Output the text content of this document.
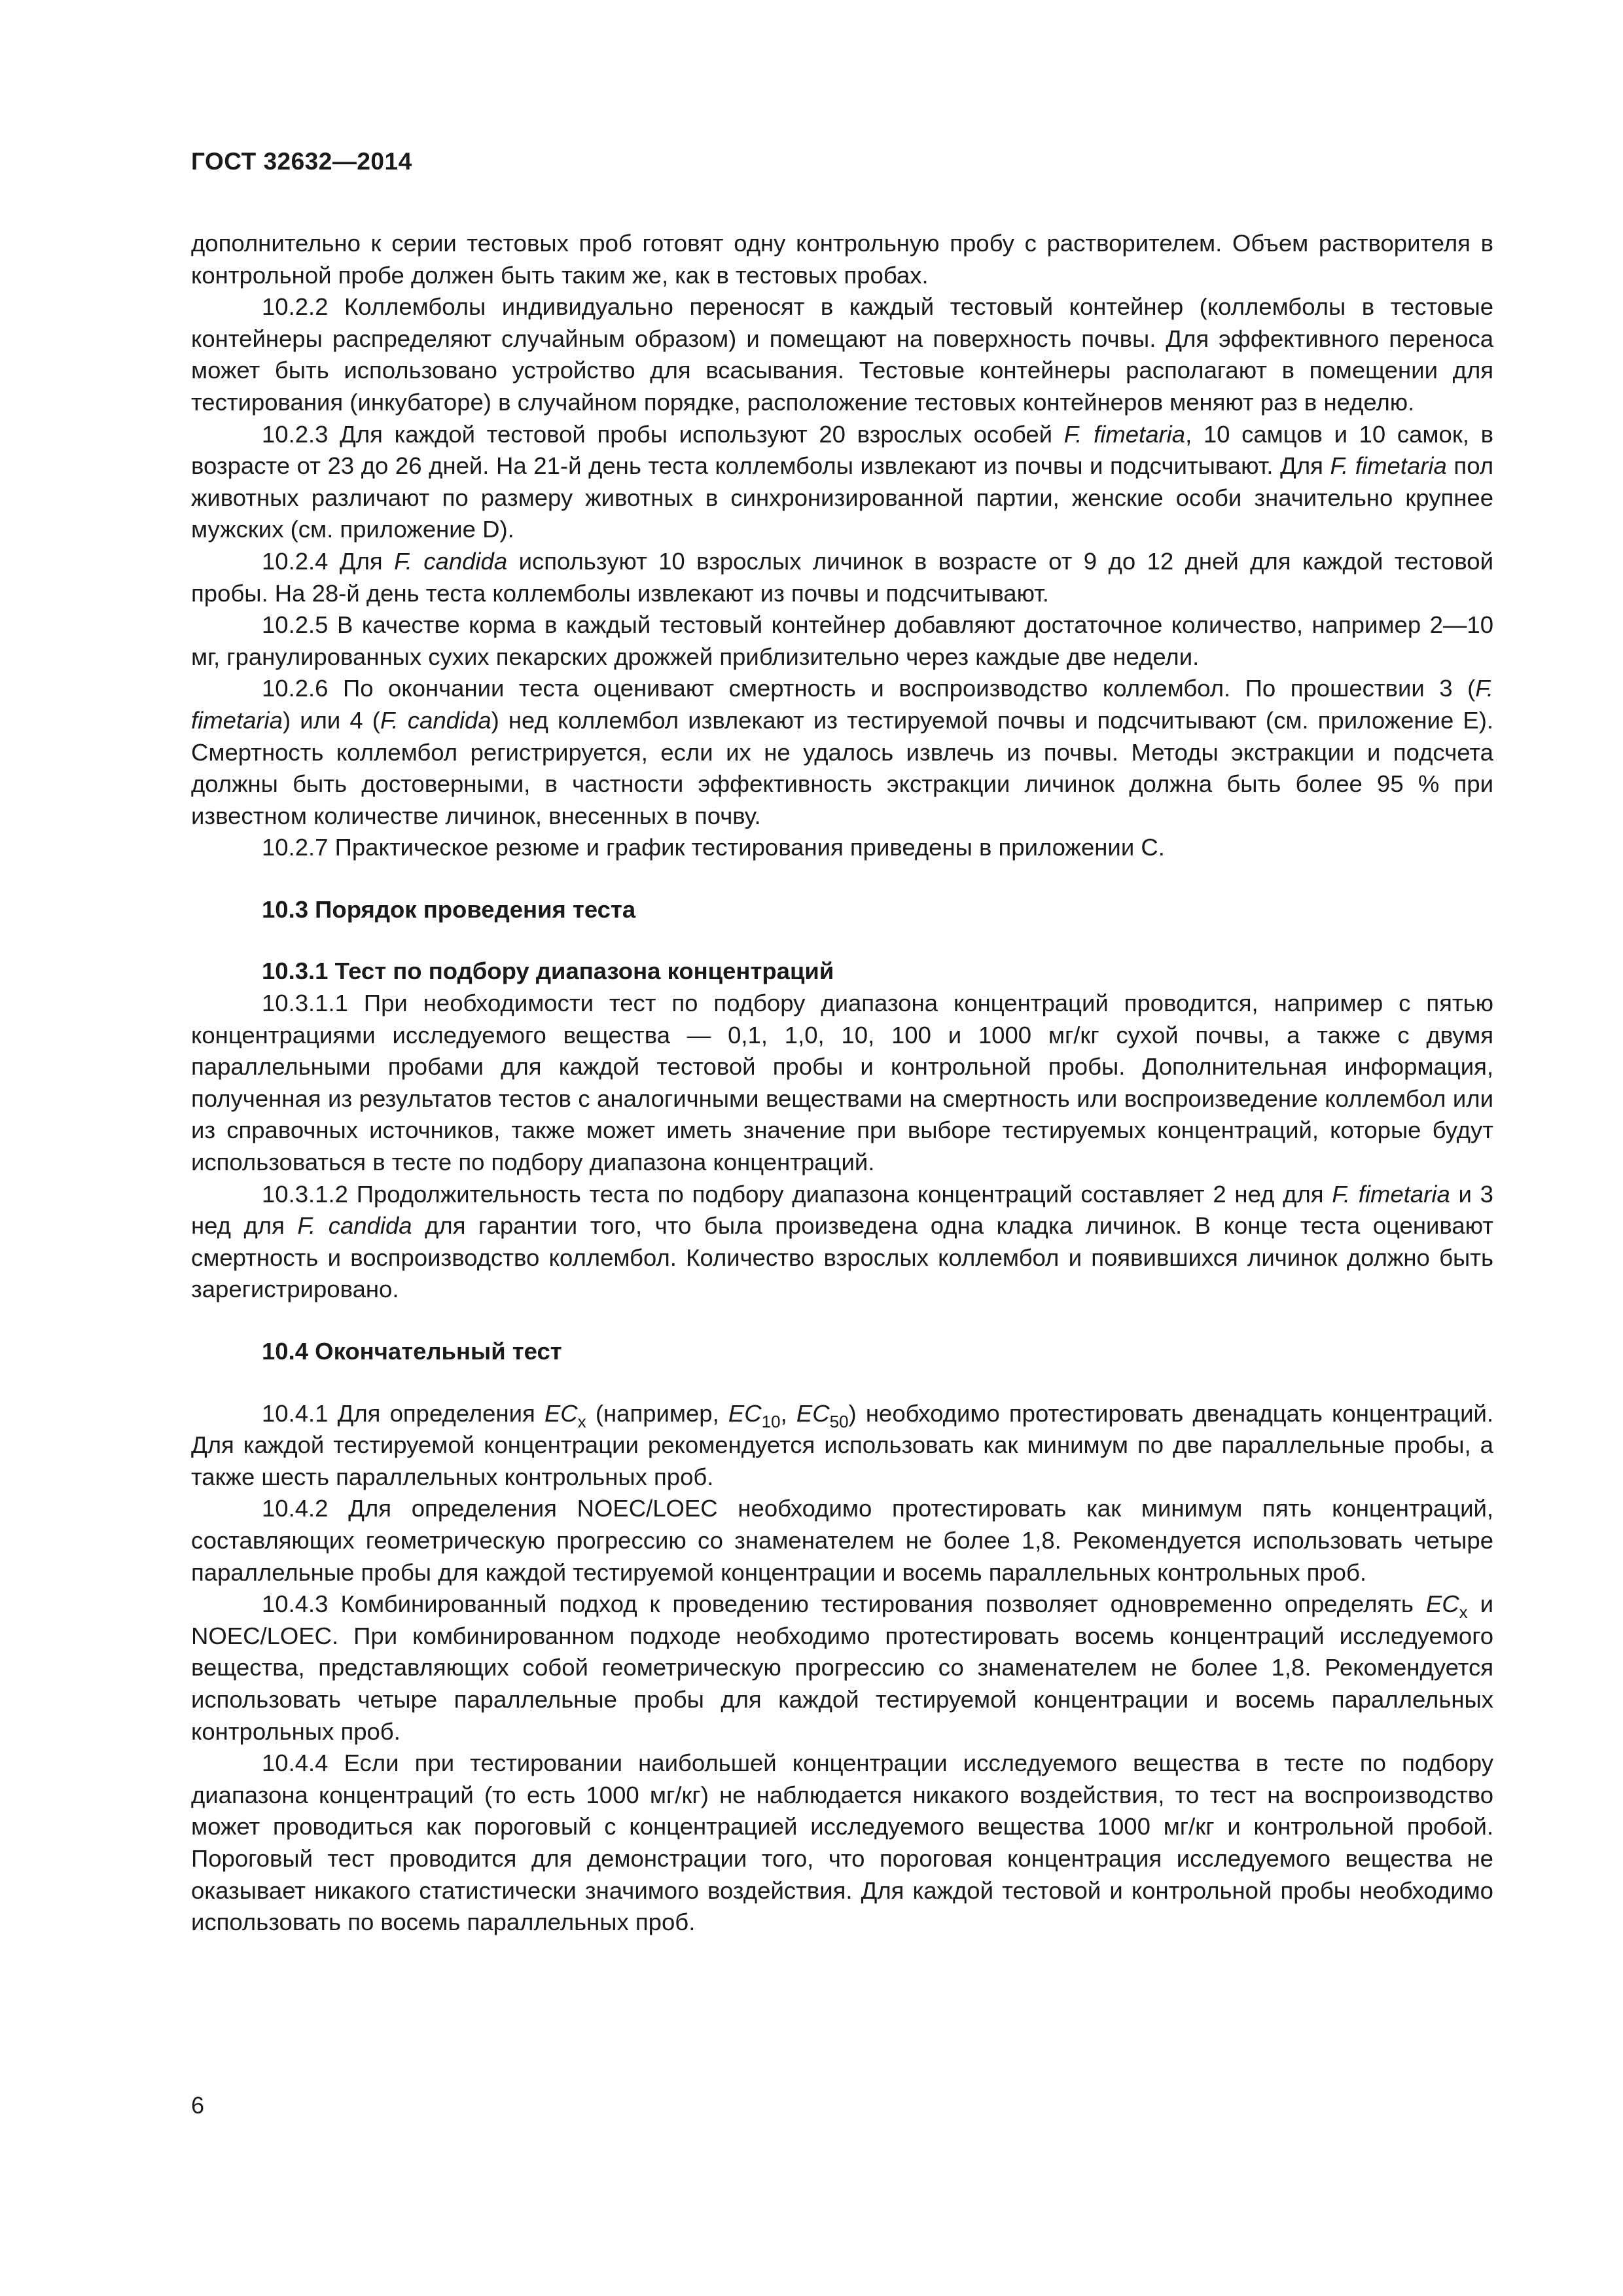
ГОСТ 32632—2014

дополнительно к серии тестовых проб готовят одну контрольную пробу с растворителем. Объем растворителя в контрольной пробе должен быть таким же, как в тестовых пробах.

10.2.2 Коллемболы индивидуально переносят в каждый тестовый контейнер (коллемболы в тестовые контейнеры распределяют случайным образом) и помещают на поверхность почвы. Для эффективного переноса может быть использовано устройство для всасывания. Тестовые контейнеры располагают в помещении для тестирования (инкубаторе) в случайном порядке, расположение тестовых контейнеров меняют раз в неделю.

10.2.3 Для каждой тестовой пробы используют 20 взрослых особей F. fimetaria, 10 самцов и 10 самок, в возрасте от 23 до 26 дней. На 21-й день теста коллемболы извлекают из почвы и подсчитывают. Для F. fimetaria пол животных различают по размеру животных в синхронизированной партии, женские особи значительно крупнее мужских (см. приложение D).

10.2.4 Для F. candida используют 10 взрослых личинок в возрасте от 9 до 12 дней для каждой тестовой пробы. На 28-й день теста коллемболы извлекают из почвы и подсчитывают.

10.2.5 В качестве корма в каждый тестовый контейнер добавляют достаточное количество, например 2—10 мг, гранулированных сухих пекарских дрожжей приблизительно через каждые две недели.

10.2.6 По окончании теста оценивают смертность и воспроизводство коллембол. По прошествии 3 (F. fimetaria) или 4 (F. candida) нед коллембол извлекают из тестируемой почвы и подсчитывают (см. приложение E). Смертность коллембол регистрируется, если их не удалось извлечь из почвы. Методы экстракции и подсчета должны быть достоверными, в частности эффективность экстракции личинок должна быть более 95 % при известном количестве личинок, внесенных в почву.

10.2.7 Практическое резюме и график тестирования приведены в приложении С.

10.3 Порядок проведения теста

10.3.1 Тест по подбору диапазона концентраций

10.3.1.1 При необходимости тест по подбору диапазона концентраций проводится, например с пятью концентрациями исследуемого вещества — 0,1, 1,0, 10, 100 и 1000 мг/кг сухой почвы, а также с двумя параллельными пробами для каждой тестовой пробы и контрольной пробы. Дополнительная информация, полученная из результатов тестов с аналогичными веществами на смертность или воспроизведение коллембол или из справочных источников, также может иметь значение при выборе тестируемых концентраций, которые будут использоваться в тесте по подбору диапазона концентраций.

10.3.1.2 Продолжительность теста по подбору диапазона концентраций составляет 2 нед для F. fimetaria и 3 нед для F. candida для гарантии того, что была произведена одна кладка личинок. В конце теста оценивают смертность и воспроизводство коллембол. Количество взрослых коллембол и появившихся личинок должно быть зарегистрировано.

10.4 Окончательный тест

10.4.1 Для определения $EC_x$ (например, $EC_{10}$, $EC_{50}$) необходимо протестировать двенадцать концентраций. Для каждой тестируемой концентрации рекомендуется использовать как минимум по две параллельные пробы, а также шесть параллельных контрольных проб.

10.4.2 Для определения NOEC/LOEC необходимо протестировать как минимум пять концентраций, составляющих геометрическую прогрессию со знаменателем не более 1,8. Рекомендуется использовать четыре параллельные пробы для каждой тестируемой концентрации и восемь параллельных контрольных проб.

10.4.3 Комбинированный подход к проведению тестирования позволяет одновременно определять $EC_x$ и NOEC/LOEC. При комбинированном подходе необходимо протестировать восемь концентраций исследуемого вещества, представляющих собой геометрическую прогрессию со знаменателем не более 1,8. Рекомендуется использовать четыре параллельные пробы для каждой тестируемой концентрации и восемь параллельных контрольных проб.

10.4.4 Если при тестировании наибольшей концентрации исследуемого вещества в тесте по подбору диапазона концентраций (то есть 1000 мг/кг) не наблюдается никакого воздействия, то тест на воспроизводство может проводиться как пороговый с концентрацией исследуемого вещества 1000 мг/кг и контрольной пробой. Пороговый тест проводится для демонстрации того, что пороговая концентрация исследуемого вещества не оказывает никакого статистически значимого воздействия. Для каждой тестовой и контрольной пробы необходимо использовать по восемь параллельных проб.

6
